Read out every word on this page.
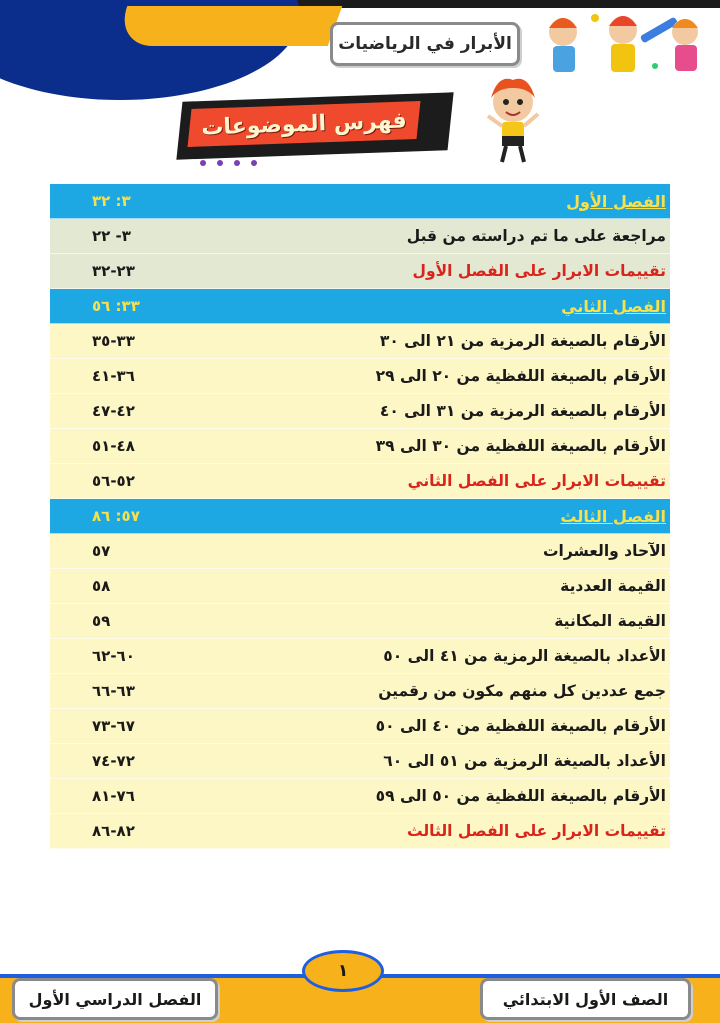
الأبرار في الرياضيات
فهرس الموضوعات
الفصل الأول
٣: ٣٢
مراجعة على ما تم دراسته من قبل
٣- ٢٢
تقييمات الابرار على الفصل الأول
٢٣-٣٢
الفصل الثاني
٣٣: ٥٦
الأرقام بالصيغة الرمزية من ٢١ الى ٣٠
٣٣-٣٥
الأرقام بالصيغة اللفظية من ٢٠ الى ٢٩
٣٦-٤١
الأرقام بالصيغة الرمزية من ٣١ الى ٤٠
٤٢-٤٧
الأرقام بالصيغة اللفظية من ٣٠ الى ٣٩
٤٨-٥١
تقييمات الابرار على الفصل الثاني
٥٢-٥٦
الفصل الثالث
٥٧: ٨٦
الآحاد والعشرات
٥٧
القيمة العددية
٥٨
القيمة المكانية
٥٩
الأعداد بالصيغة الرمزية من ٤١ الى ٥٠
٦٠-٦٢
جمع عددين كل منهم مكون من رقمين
٦٣-٦٦
الأرقام بالصيغة اللفظية من ٤٠ الى ٥٠
٦٧-٧٣
الأعداد بالصيغة الرمزية من ٥١ الى ٦٠
٧٢-٧٤
الأرقام بالصيغة اللفظية من ٥٠ الى ٥٩
٧٦-٨١
تقييمات الابرار على الفصل الثالث
٨٢-٨٦
١
الصف الأول الابتدائي
الفصل الدراسي الأول
